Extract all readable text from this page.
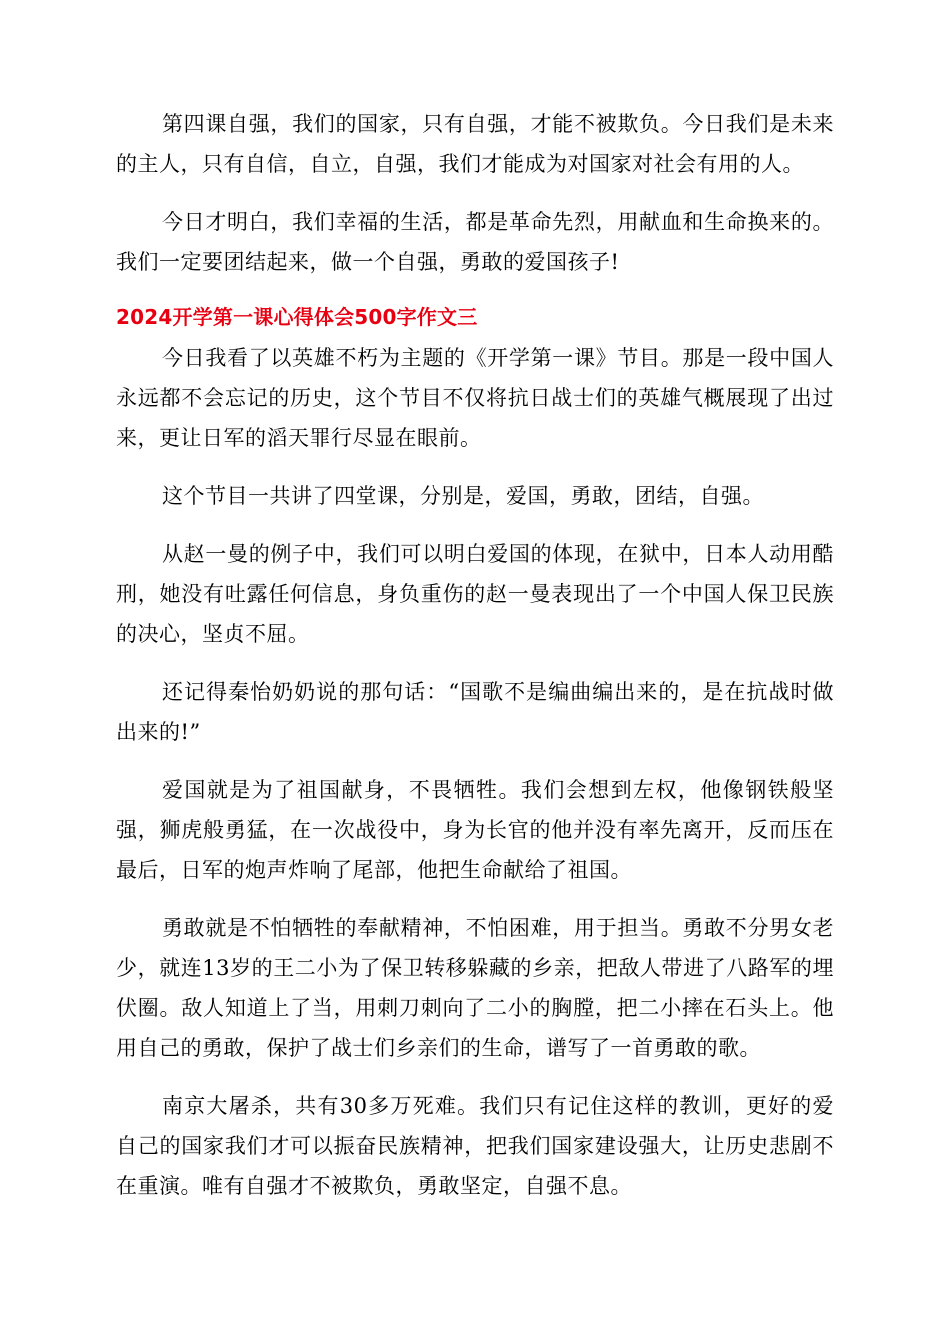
第四课自强，我们的国家，只有自强，才能不被欺负。今日我们是未来的主人，只有自信，自立，自强，我们才能成为对国家对社会有用的人。

今日才明白，我们幸福的生活，都是革命先烈，用献血和生命换来的。我们一定要团结起来，做一个自强，勇敢的爱国孩子!

2024开学第一课心得体会500字作文三

今日我看了以英雄不朽为主题的《开学第一课》节目。那是一段中国人永远都不会忘记的历史，这个节目不仅将抗日战士们的英雄气概展现了出过来，更让日军的滔天罪行尽显在眼前。

这个节目一共讲了四堂课，分别是，爱国，勇敢，团结，自强。

从赵一曼的例子中，我们可以明白爱国的体现，在狱中，日本人动用酷刑，她没有吐露任何信息，身负重伤的赵一曼表现出了一个中国人保卫民族的决心，坚贞不屈。

还记得秦怡奶奶说的那句话：“国歌不是编曲编出来的，是在抗战时做出来的!”

爱国就是为了祖国献身，不畏牺牲。我们会想到左权，他像钢铁般坚强，狮虎般勇猛，在一次战役中，身为长官的他并没有率先离开，反而压在最后，日军的炮声炸响了尾部，他把生命献给了祖国。

勇敢就是不怕牺牲的奉献精神，不怕困难，用于担当。勇敢不分男女老少，就连13岁的王二小为了保卫转移躲藏的乡亲，把敌人带进了八路军的埋伏圈。敌人知道上了当，用刺刀刺向了二小的胸膛，把二小摔在石头上。他用自己的勇敢，保护了战士们乡亲们的生命，谱写了一首勇敢的歌。

南京大屠杀，共有30多万死难。我们只有记住这样的教训，更好的爱自己的国家我们才可以振奋民族精神，把我们国家建设强大，让历史悲剧不在重演。唯有自强才不被欺负，勇敢坚定，自强不息。
